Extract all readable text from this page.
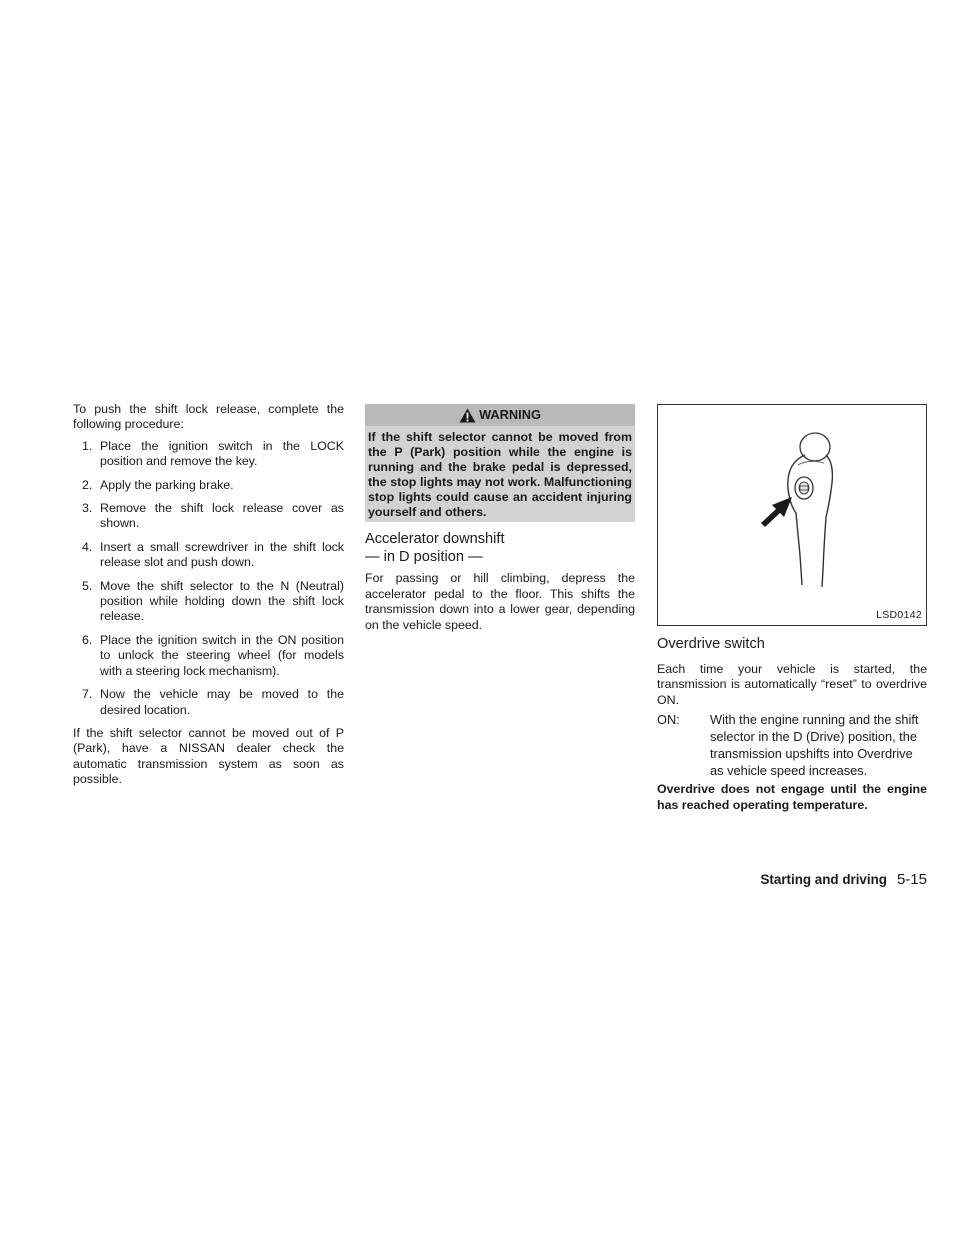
To push the shift lock release, complete the following procedure:

1. Place the ignition switch in the LOCK position and remove the key.
2. Apply the parking brake.
3. Remove the shift lock release cover as shown.
4. Insert a small screwdriver in the shift lock release slot and push down.
5. Move the shift selector to the N (Neutral) position while holding down the shift lock release.
6. Place the ignition switch in the ON position to unlock the steering wheel (for models with a steering lock mechanism).
7. Now the vehicle may be moved to the desired location.

If the shift selector cannot be moved out of P (Park), have a NISSAN dealer check the automatic transmission system as soon as possible.

WARNING
If the shift selector cannot be moved from the P (Park) position while the engine is running and the brake pedal is depressed, the stop lights may not work. Malfunctioning stop lights could cause an accident injuring yourself and others.
Accelerator downshift
— in D position —

For passing or hill climbing, depress the accelerator pedal to the floor. This shifts the transmission down into a lower gear, depending on the vehicle speed.

LSD0142
Overdrive switch

Each time your vehicle is started, the transmission is automatically “reset” to overdrive ON.

ON:	With the engine running and the shift selector in the D (Drive) position, the transmission upshifts into Overdrive as vehicle speed increases.

Overdrive does not engage until the engine has reached operating temperature.

Starting and driving 5-15
